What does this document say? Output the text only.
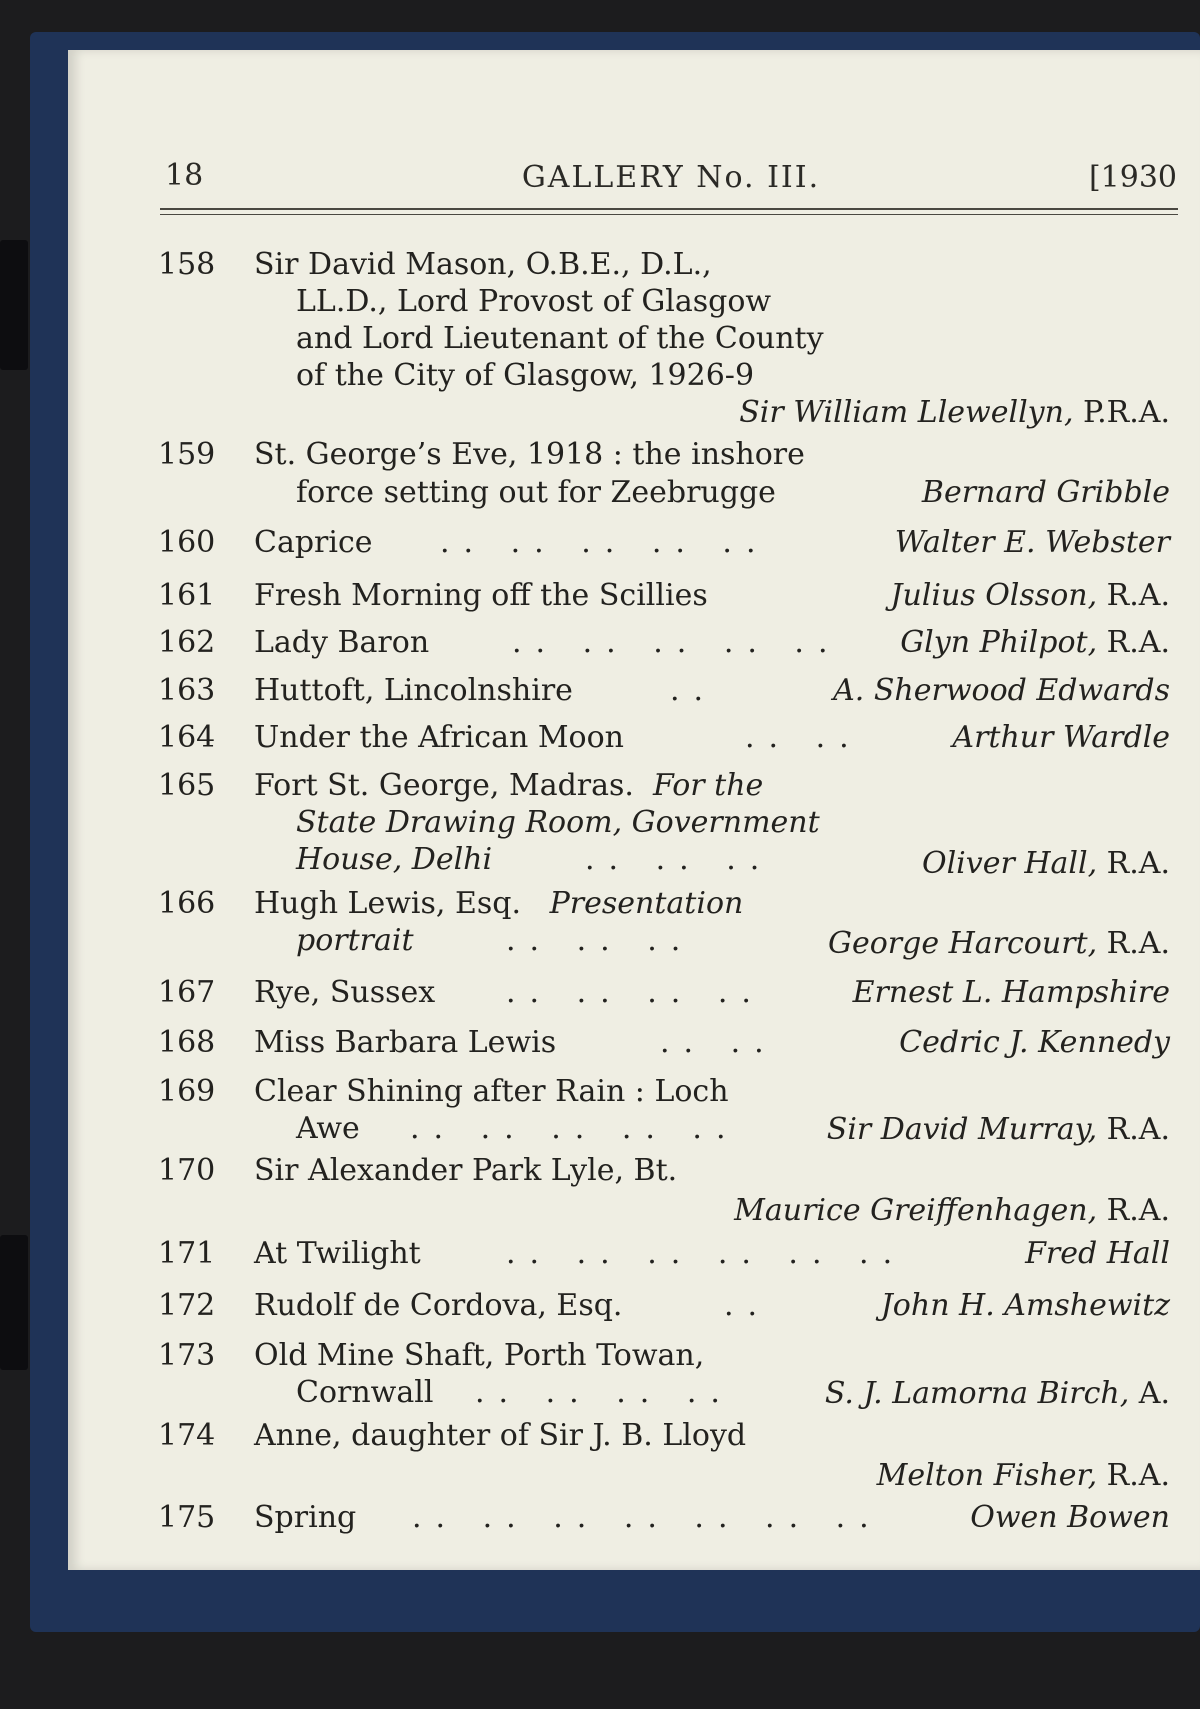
18	GALLERY No. III.	[1930
158 Sir David Mason, O.B.E., D.L.,
LL.D., Lord Provost of Glasgow
and Lord Lieutenant of the County
of the City of Glasgow, 1926-9
Sir William Llewellyn, P.R.A.
159 St. George’s Eve, 1918 : the inshore
force setting out for Zeebrugge	Bernard Gribble
160 Caprice .. .. .. .. ..	Walter E. Webster
161 Fresh Morning off the Scillies	Julius Olsson, R.A.
162 Lady Baron	.. .. .. .. .. Glyn Philpot, R.A.
163 Huttoft, Lincolnshire	..	A. Sherwood Edwards
164 Under the African Moon	.. ..	Arthur Wardle
165 Fort St. George, Madras. For the
State Drawing Room, Government
House, Delhi	.. .. ..	Oliver Hall, R.A.
166 Hugh Lewis, Esq. Presentation
portrait	.. .. ..	George Harcourt, R.A.
167 Rye, Sussex .. .. .. ..	Ernest L. Hampshire
168 Miss Barbara Lewis	.. ..	Cedric J. Kennedy
169 Clear Shining after Rain : Loch
Awe .. .. .. .. ..	Sir David Murray, R.A.
170 Sir Alexander Park Lyle, Bt.
Maurice Greiffenhagen, R.A.
171 At Twilight	.. .. .. .. .. ..	Fred Hall
172 Rudolf de Cordova, Esq.	..	John H. Amshewitz
173 Old Mine Shaft, Porth Towan,
Cornwall .. .. .. ..	S. J. Lamorna Birch, A.
174 Anne, daughter of Sir J. B. Lloyd
Melton Fisher, R.A.
175 Spring .. .. .. .. .. .. ..	Owen Bowen
